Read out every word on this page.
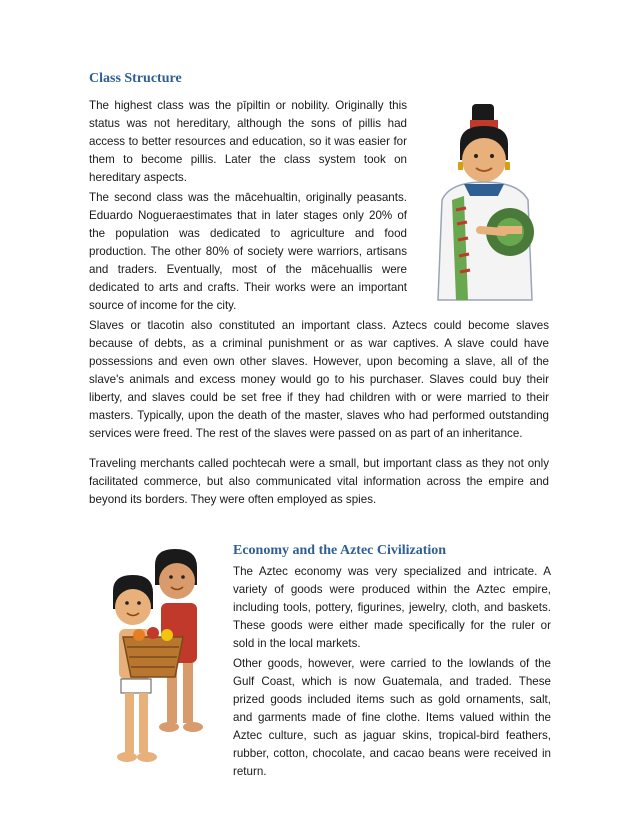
Class Structure

The highest class was the pīpiltin or nobility. Originally this status was not hereditary, although the sons of pillis had access to better resources and education, so it was easier for them to become pillis. Later the class system took on hereditary aspects.

The second class was the mācehualtin, originally peasants. Eduardo Nogueraestimates that in later stages only 20% of the population was dedicated to agriculture and food production. The other 80% of society were warriors, artisans and traders. Eventually, most of the mācehuallis were dedicated to arts and crafts. Their works were an important source of income for the city.

Slaves or tlacotin also constituted an important class. Aztecs could become slaves because of debts, as a criminal punishment or as war captives. A slave could have possessions and even own other slaves. However, upon becoming a slave, all of the slave's animals and excess money would go to his purchaser. Slaves could buy their liberty, and slaves could be set free if they had children with or were married to their masters. Typically, upon the death of the master, slaves who had performed outstanding services were freed. The rest of the slaves were passed on as part of an inheritance.

Traveling merchants called pochtecah were a small, but important class as they not only facilitated commerce, but also communicated vital information across the empire and beyond its borders. They were often employed as spies.

Economy and the Aztec Civilization

The Aztec economy was very specialized and intricate. A variety of goods were produced within the Aztec empire, including tools, pottery, figurines, jewelry, cloth, and baskets. These goods were either made specifically for the ruler or sold in the local markets.

Other goods, however, were carried to the lowlands of the Gulf Coast, which is now Guatemala, and traded. These prized goods included items such as gold ornaments, salt, and garments made of fine clothe. Items valued within the Aztec culture, such as jaguar skins, tropical-bird feathers, rubber, cotton, chocolate, and cacao beans were received in return.
